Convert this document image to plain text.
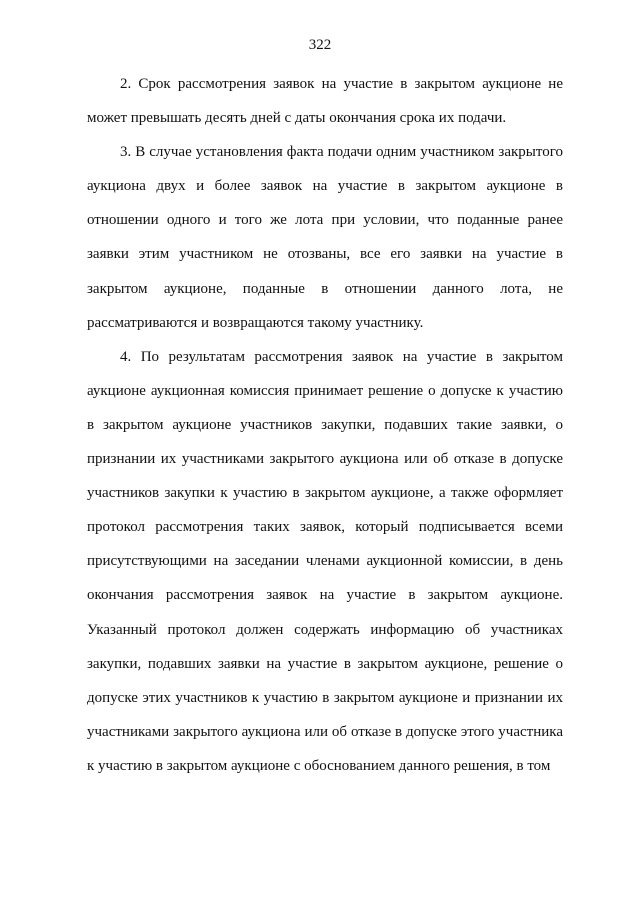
322

2. Срок рассмотрения заявок на участие в закрытом аукционе не может превышать десять дней с даты окончания срока их подачи.

3. В случае установления факта подачи одним участником закрытого аукциона двух и более заявок на участие в закрытом аукционе в отношении одного и того же лота при условии, что поданные ранее заявки этим участником не отозваны, все его заявки на участие в закрытом аукционе, поданные в отношении данного лота, не рассматриваются и возвращаются такому участнику.

4. По результатам рассмотрения заявок на участие в закрытом аукционе аукционная комиссия принимает решение о допуске к участию в закрытом аукционе участников закупки, подавших такие заявки, о признании их участниками закрытого аукциона или об отказе в допуске участников закупки к участию в закрытом аукционе, а также оформляет протокол рассмотрения таких заявок, который подписывается всеми присутствующими на заседании членами аукционной комиссии, в день окончания рассмотрения заявок на участие в закрытом аукционе. Указанный протокол должен содержать информацию об участниках закупки, подавших заявки на участие в закрытом аукционе, решение о допуске этих участников к участию в закрытом аукционе и признании их участниками закрытого аукциона или об отказе в допуске этого участника к участию в закрытом аукционе с обоснованием данного решения, в том
